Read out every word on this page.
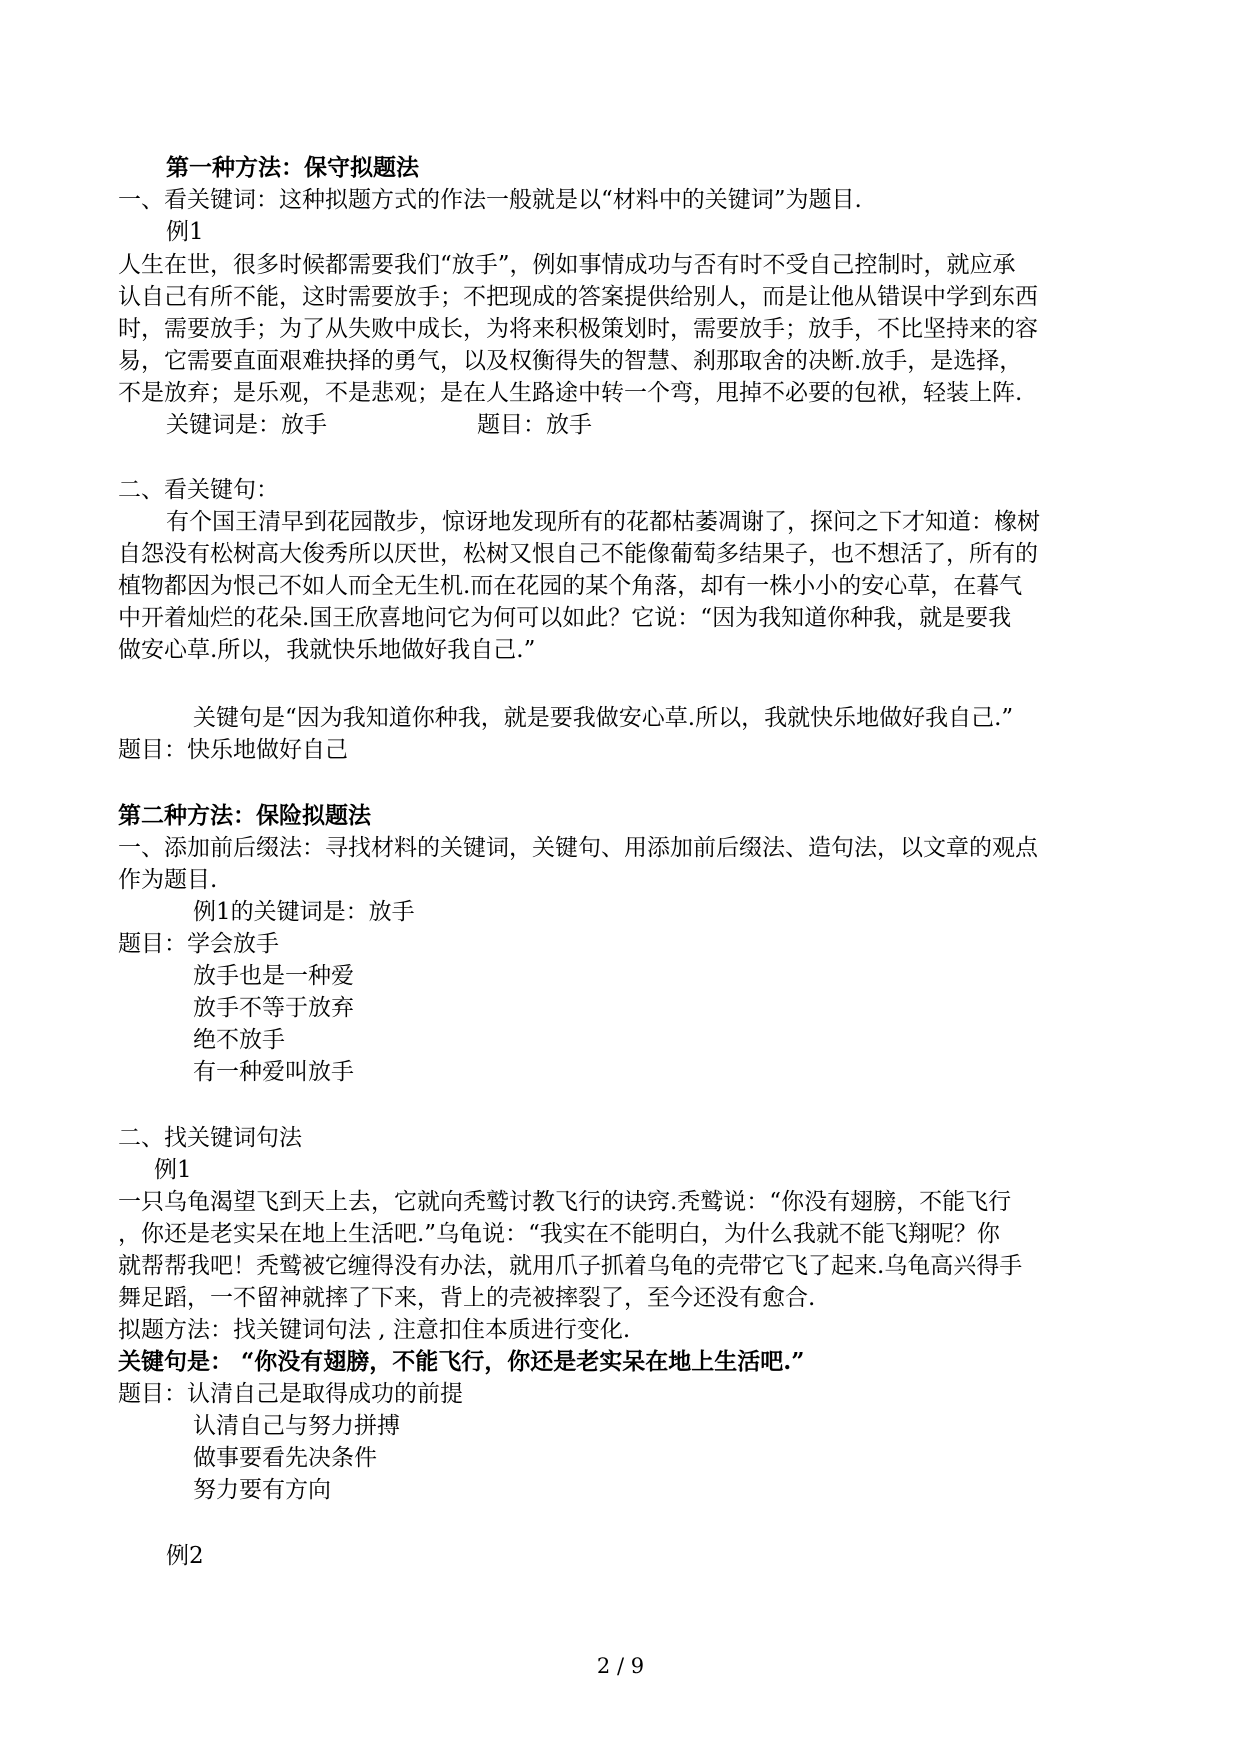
第一种方法：保守拟题法
一、看关键词：这种拟题方式的作法一般就是以“材料中的关键词”为题目.
例1
人生在世，很多时候都需要我们“放手”，例如事情成功与否有时不受自己控制时，就应承
认自己有所不能，这时需要放手；不把现成的答案提供给别人，而是让他从错误中学到东西
时，需要放手；为了从失败中成长，为将来积极策划时，需要放手；放手，不比坚持来的容
易，它需要直面艰难抉择的勇气，以及权衡得失的智慧、刹那取舍的决断.放手，是选择，
不是放弃；是乐观，不是悲观；是在人生路途中转一个弯，甩掉不必要的包袱，轻装上阵.
关键词是：放手	题目：放手
二、看关键句：
有个国王清早到花园散步，惊讶地发现所有的花都枯萎凋谢了，探问之下才知道：橡树
自怨没有松树高大俊秀所以厌世，松树又恨自己不能像葡萄多结果子，也不想活了，所有的
植物都因为恨己不如人而全无生机.而在花园的某个角落，却有一株小小的安心草，在暮气
中开着灿烂的花朵.国王欣喜地问它为何可以如此？它说：“因为我知道你种我，就是要我
做安心草.所以，我就快乐地做好我自己.”
关键句是“因为我知道你种我，就是要我做安心草.所以，我就快乐地做好我自己.”
题目：快乐地做好自己
第二种方法：保险拟题法
一、添加前后缀法：寻找材料的关键词，关键句、用添加前后缀法、造句法，以文章的观点
作为题目.
例1的关键词是：放手
题目：学会放手
放手也是一种爱
放手不等于放弃
绝不放手
有一种爱叫放手
二、找关键词句法
例1
一只乌龟渴望飞到天上去，它就向秃鹫讨教飞行的诀窍.秃鹫说：“你没有翅膀，不能飞行
，你还是老实呆在地上生活吧.”乌龟说：“我实在不能明白，为什么我就不能飞翔呢？你
就帮帮我吧！秃鹫被它缠得没有办法，就用爪子抓着乌龟的壳带它飞了起来.乌龟高兴得手
舞足蹈，一不留神就摔了下来，背上的壳被摔裂了，至今还没有愈合.
拟题方法：找关键词句法 , 注意扣住本质进行变化.
关键句是： “你没有翅膀，不能飞行，你还是老实呆在地上生活吧.”
题目：认清自己是取得成功的前提
认清自己与努力拼搏
做事要看先决条件
努力要有方向
例2
2 / 9
